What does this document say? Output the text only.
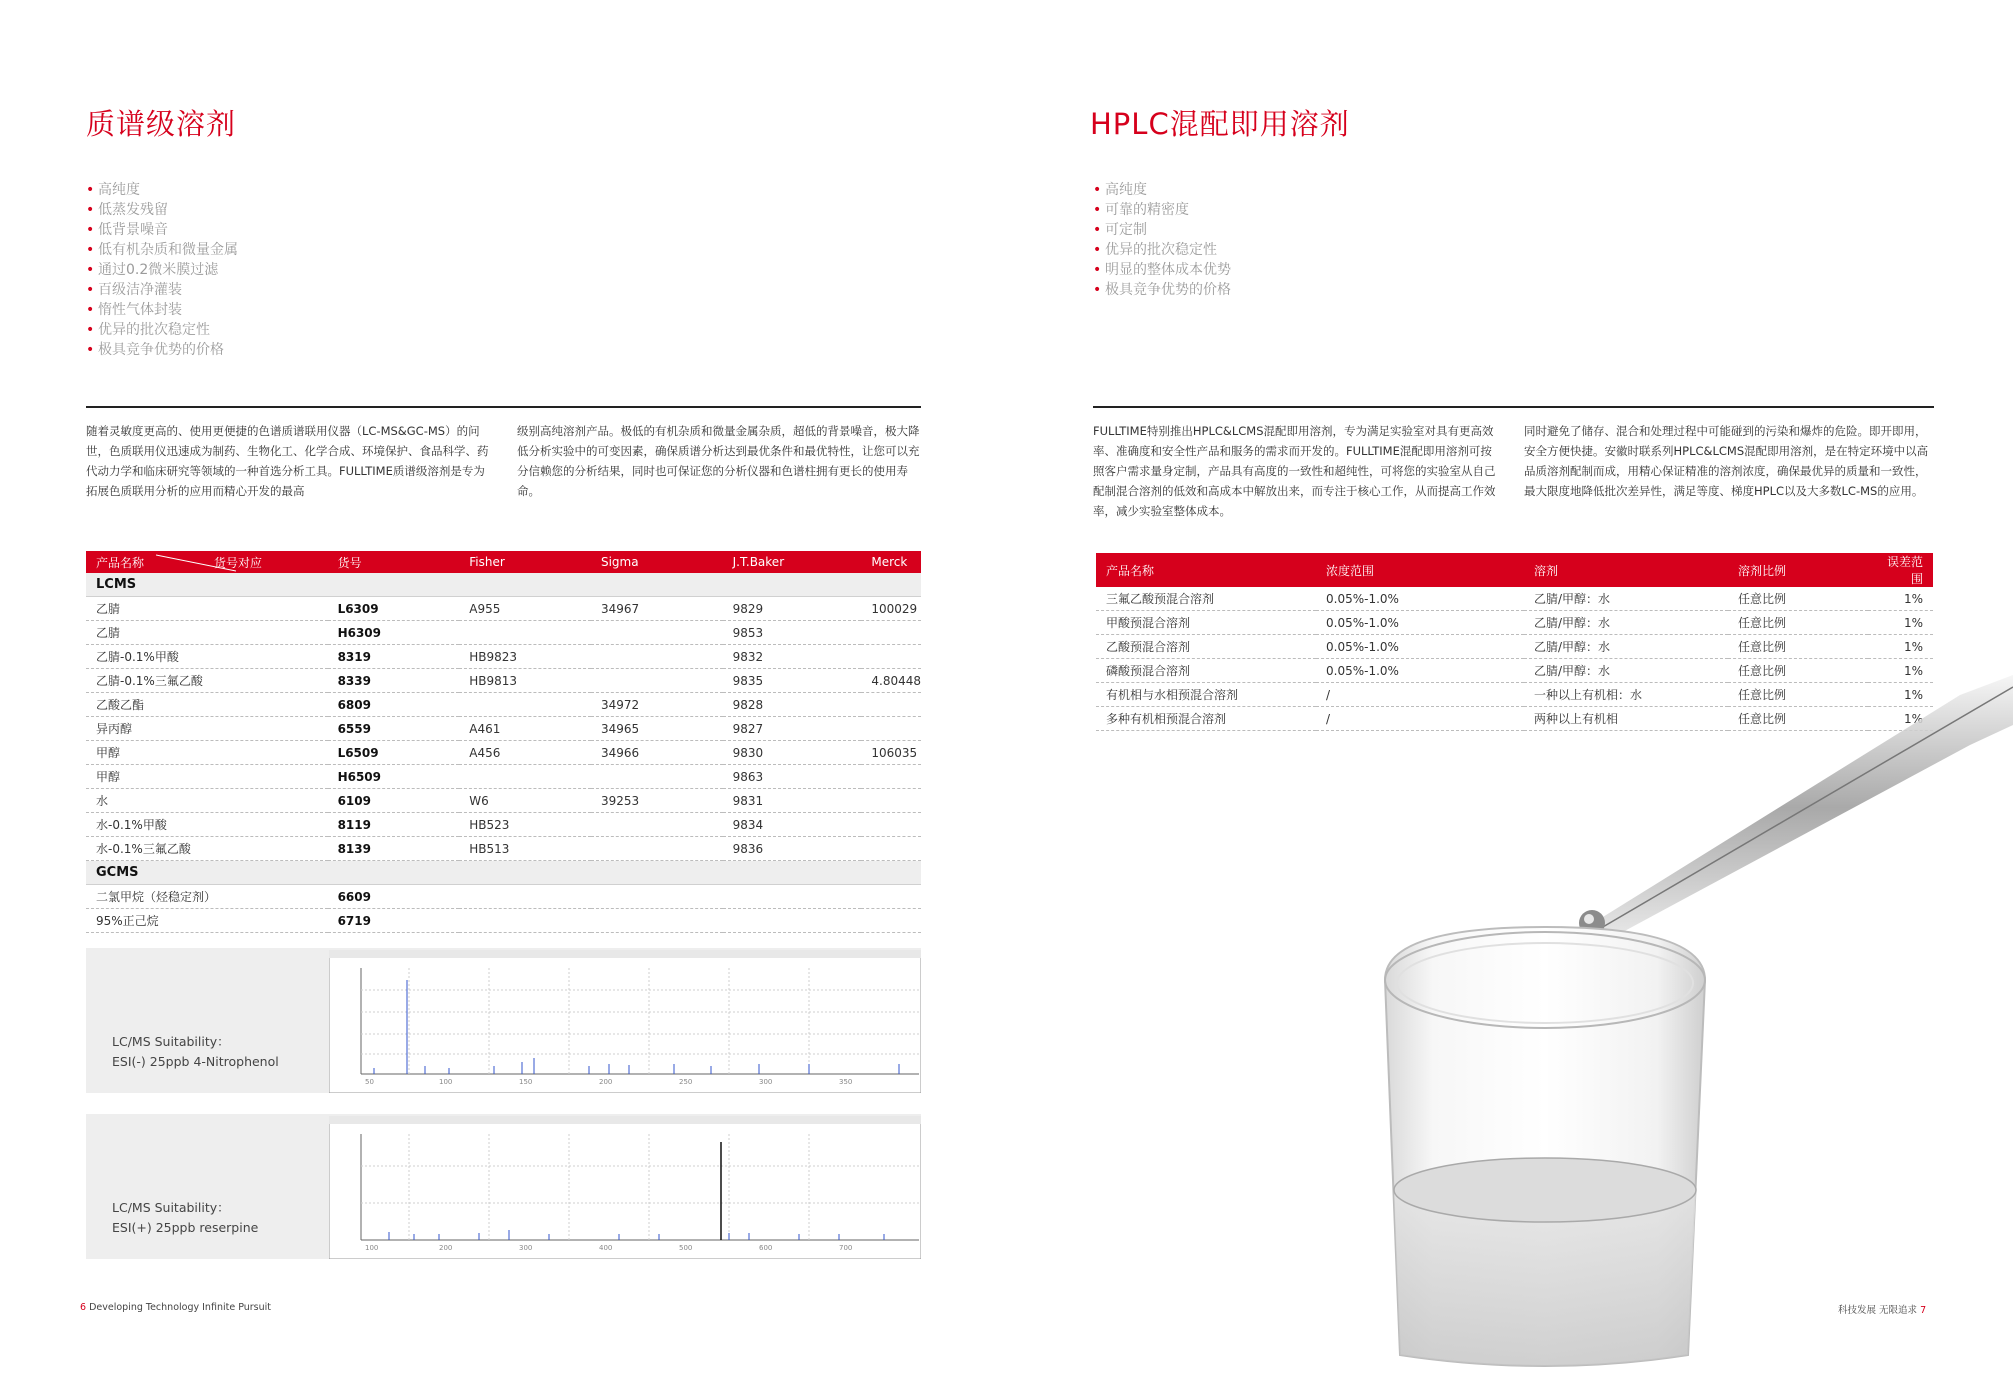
质谱级溶剂
• 高纯度
• 低蒸发残留
• 低背景噪音
• 低有机杂质和微量金属
• 通过0.2微米膜过滤
• 百级洁净灌装
• 惰性气体封装
• 优异的批次稳定性
• 极具竞争优势的价格
随着灵敏度更高的、使用更便捷的色谱质谱联用仪器（LC-MS&GC-MS）的问世，色质联用仪迅速成为制药、生物化工、化学合成、环境保护、食品科学、药代动力学和临床研究等领域的一种首选分析工具。FULLTIME质谱级溶剂是专为拓展色质联用分析的应用而精心开发的最高
级别高纯溶剂产品。极低的有机杂质和微量金属杂质，超低的背景噪音，极大降低分析实验中的可变因素，确保质谱分析达到最优条件和最优特性，让您可以充分信赖您的分析结果，同时也可保证您的分析仪器和色谱柱拥有更长的使用寿命。
产品名称 货号对应	货号	Fisher	Sigma	J.T.Baker	Merck
LCMS					
乙腈	L6309	A955	34967	9829	100029
乙腈	H6309			9853	
乙腈-0.1%甲酸	8319	HB9823		9832	
乙腈-0.1%三氟乙酸	8339	HB9813		9835	4.80448
乙酸乙酯	6809		34972	9828	
异丙醇	6559	A461	34965	9827	
甲醇	L6509	A456	34966	9830	106035
甲醇	H6509			9863	
水	6109	W6	39253	9831	
水-0.1%甲酸	8119	HB523		9834	
水-0.1%三氟乙酸	8139	HB513		9836	
GCMS					
二氯甲烷（烃稳定剂）	6609				
95%正己烷	6719				
LC/MS Suitability：
ESI(-) 25ppb 4-Nitrophenol
50	100	150	200	250	300	350
LC/MS Suitability：
ESI(+) 25ppb reserpine
100	200	300	400	500	600	700
6 Developing Technology Infinite Pursuit
HPLC混配即用溶剂
• 高纯度
• 可靠的精密度
• 可定制
• 优异的批次稳定性
• 明显的整体成本优势
• 极具竞争优势的价格
FULLTIME特别推出HPLC&LCMS混配即用溶剂，专为满足实验室对具有更高效率、准确度和安全性产品和服务的需求而开发的。FULLTIME混配即用溶剂可按照客户需求量身定制，产品具有高度的一致性和超纯性，可将您的实验室从自己配制混合溶剂的低效和高成本中解放出来，而专注于核心工作，从而提高工作效率，减少实验室整体成本。
同时避免了储存、混合和处理过程中可能碰到的污染和爆炸的危险。即开即用，安全方便快捷。安徽时联系列HPLC&LCMS混配即用溶剂，是在特定环境中以高品质溶剂配制而成，用精心保证精准的溶剂浓度，确保最优异的质量和一致性，最大限度地降低批次差异性，满足等度、梯度HPLC以及大多数LC-MS的应用。
产品名称	浓度范围	溶剂	溶剂比例	误差范围
三氟乙酸预混合溶剂	0.05%-1.0%	乙腈/甲醇：水	任意比例	1%
甲酸预混合溶剂	0.05%-1.0%	乙腈/甲醇：水	任意比例	1%
乙酸预混合溶剂	0.05%-1.0%	乙腈/甲醇：水	任意比例	1%
磷酸预混合溶剂	0.05%-1.0%	乙腈/甲醇：水	任意比例	1%
有机相与水相预混合溶剂	/	一种以上有机相：水	任意比例	1%
多种有机相预混合溶剂	/	两种以上有机相	任意比例	1%
科技发展 无限追求 7
